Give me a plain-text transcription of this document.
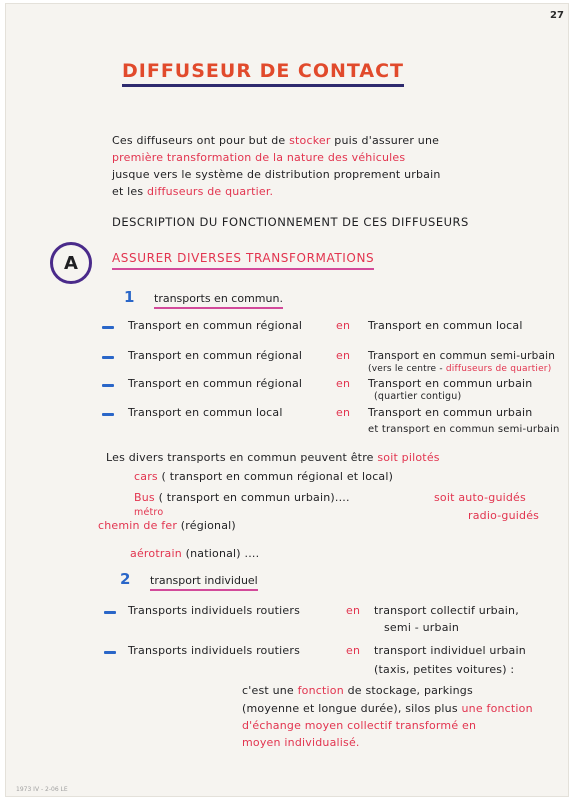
27
DIFFUSEUR DE CONTACT
Ces diffuseurs ont pour but de stocker puis d'assurer une
première transformation de la nature des véhicules
jusque vers le système de distribution proprement urbain
et les diffuseurs de quartier.
DESCRIPTION DU FONCTIONNEMENT DE CES DIFFUSEURS
A	ASSURER DIVERSES TRANSFORMATIONS
1 transports en commun.
Transport en commun régional	en Transport en commun local
Transport en commun régional	en Transport en commun semi-urbain
(vers le centre - diffuseurs de quartier)
Transport en commun régional	en Transport en commun urbain
(quartier contigu)
Transport en commun local	en Transport en commun urbain
et transport en commun semi-urbain
Les divers transports en commun peuvent être soit pilotés
cars ( transport en commun régional et local)
Bus ( transport en commun urbain)....	soit auto-guidés
métro	radio-guidés
chemin de fer (régional)
aérotrain (national) ....
2 transport individuel
Transports individuels routiers	en transport collectif urbain,
semi - urbain
Transports individuels routiers	en transport individuel urbain
(taxis, petites voitures) :
c'est une fonction de stockage, parkings
(moyenne et longue durée), silos plus une fonction
d'échange moyen collectif transformé en
moyen individualisé.
1973 IV - 2-06 LE
